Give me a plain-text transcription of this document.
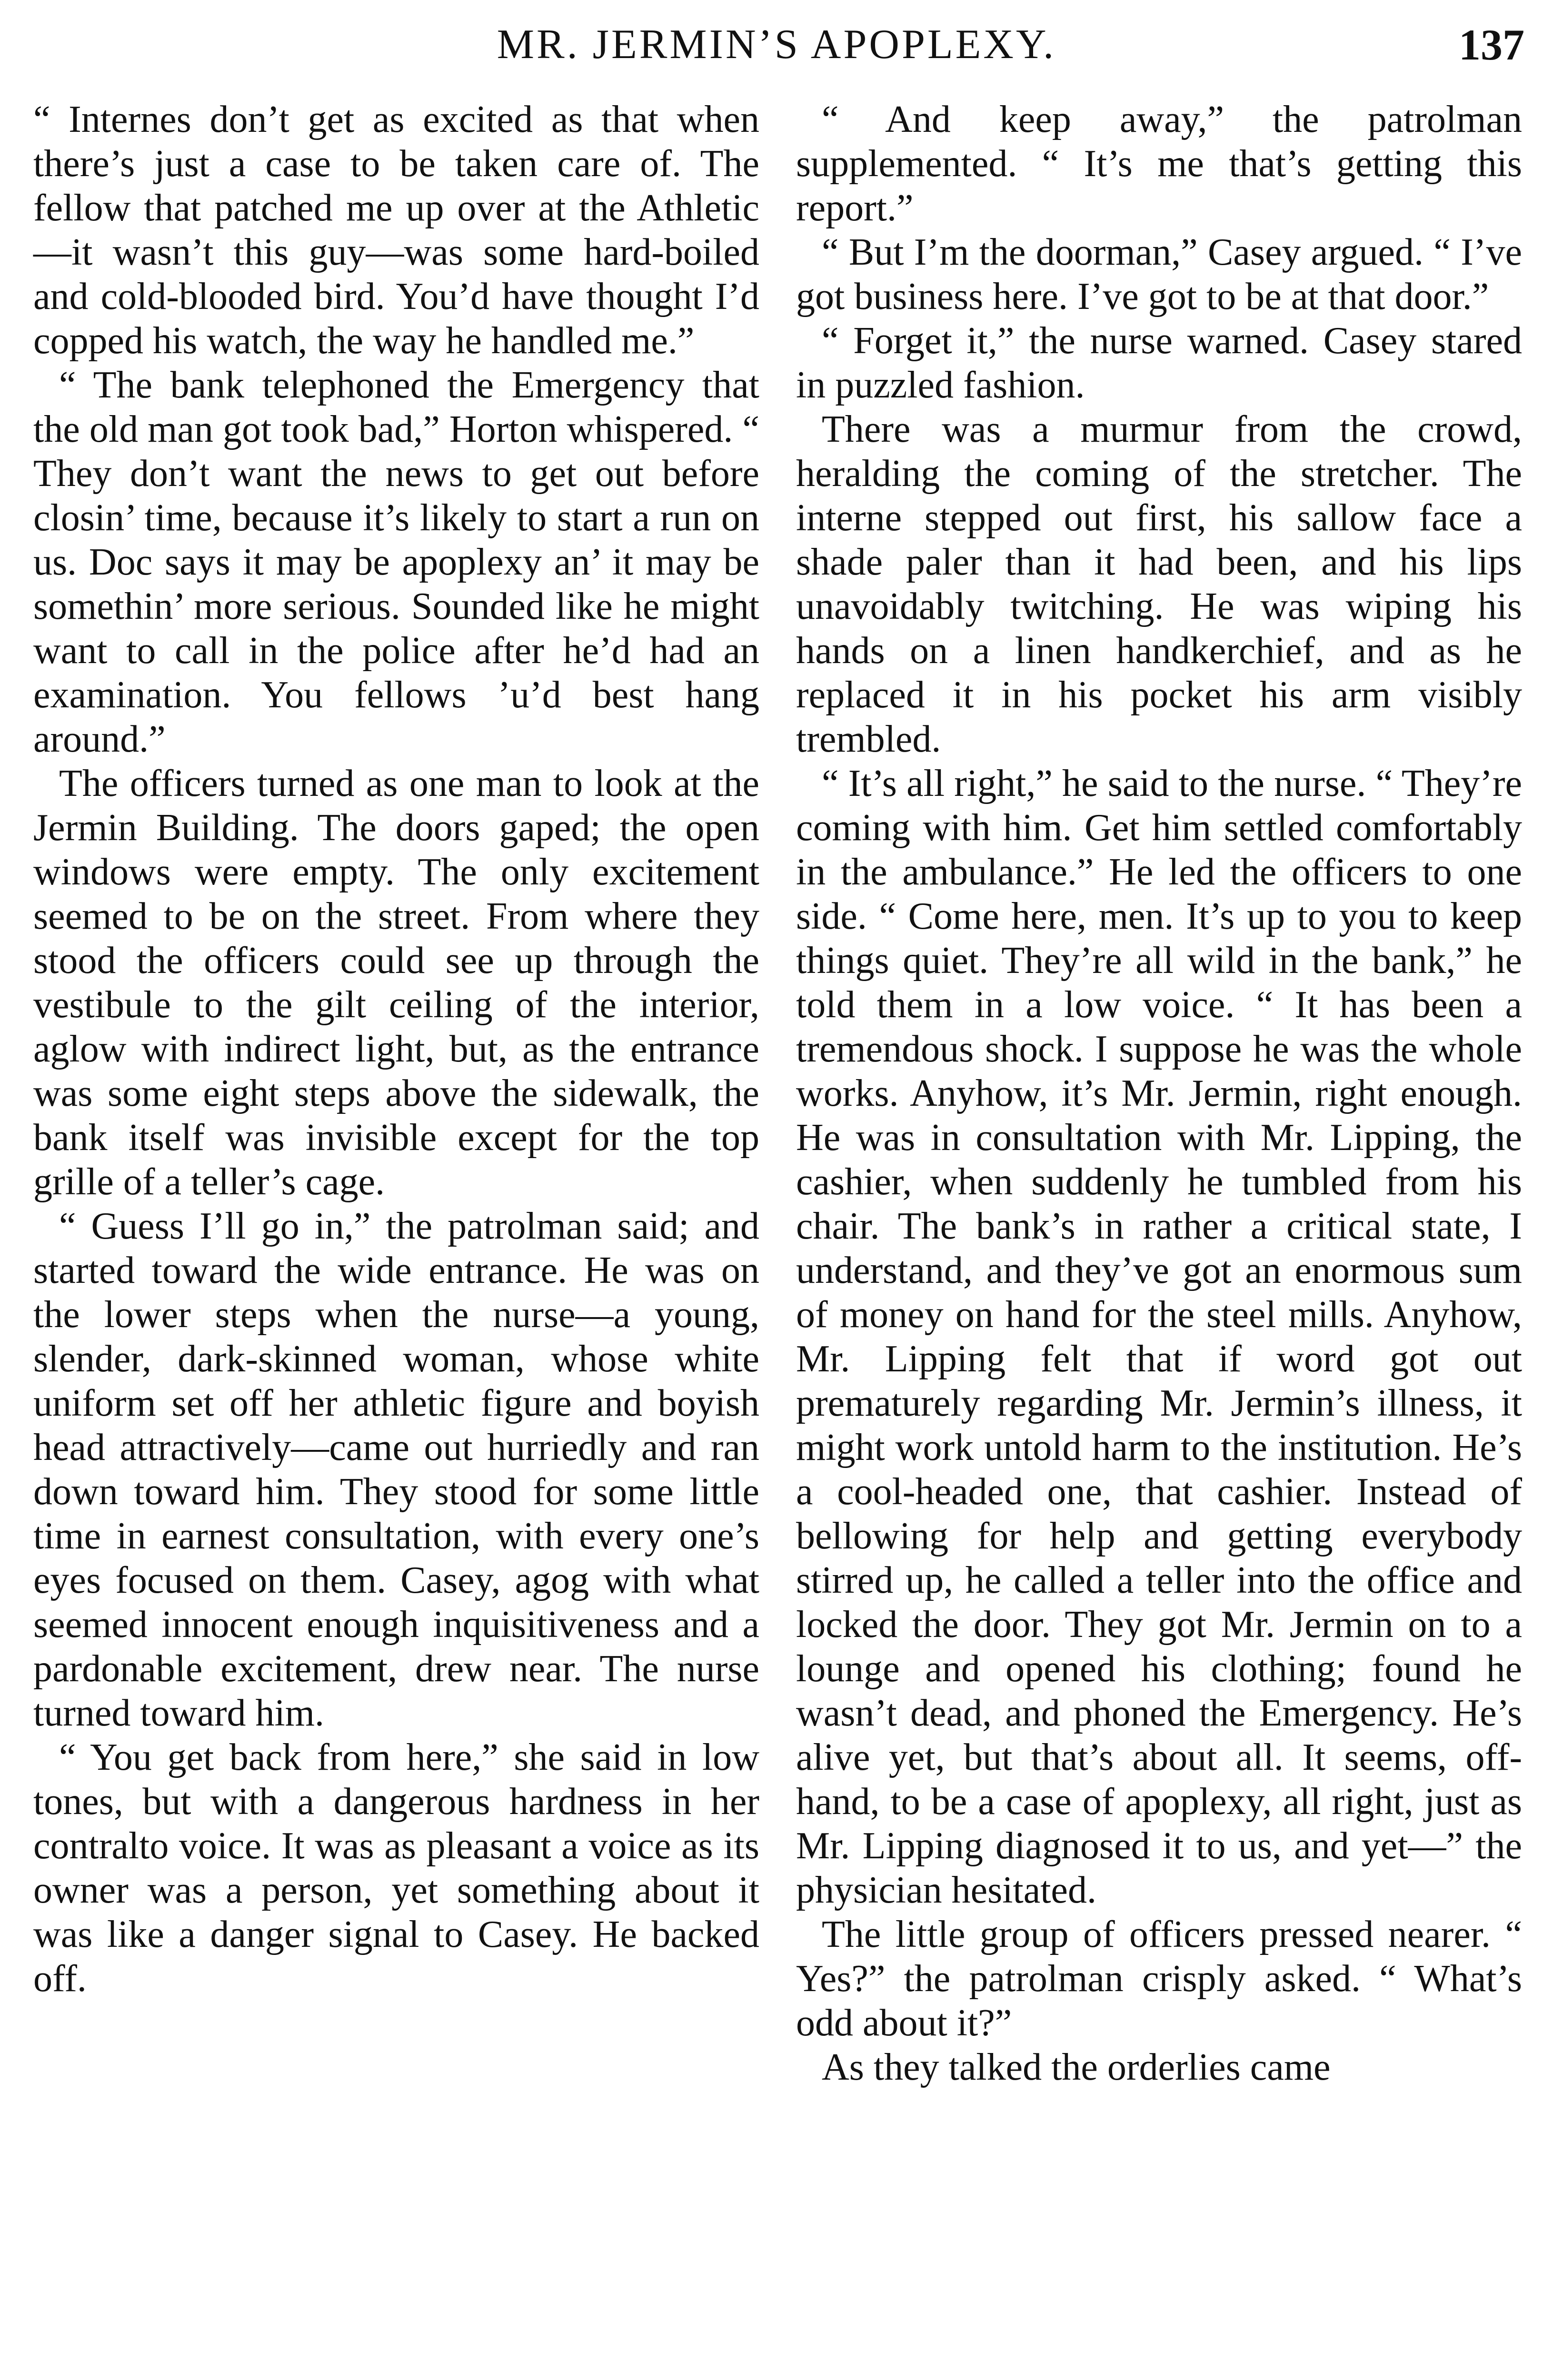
MR. JERMIN’S APOPLEXY.	137

“ Internes don’t get as excited as that when there’s just a case to be taken care of. The fellow that patched me up over at the Athletic—it wasn’t this guy—was some hard-boiled and cold-blooded bird. You’d have thought I’d copped his watch, the way he handled me.”

“ The bank telephoned the Emergency that the old man got took bad,” Horton whispered. “ They don’t want the news to get out before closin’ time, because it’s likely to start a run on us. Doc says it may be apoplexy an’ it may be somethin’ more serious. Sounded like he might want to call in the police after he’d had an examination. You fellows ’u’d best hang around.”

The officers turned as one man to look at the Jermin Building. The doors gaped; the open windows were empty. The only excitement seemed to be on the street. From where they stood the officers could see up through the vestibule to the gilt ceiling of the interior, aglow with indirect light, but, as the entrance was some eight steps above the sidewalk, the bank itself was invisible except for the top grille of a teller’s cage.

“ Guess I’ll go in,” the patrolman said; and started toward the wide entrance. He was on the lower steps when the nurse—a young, slender, dark-skinned woman, whose white uniform set off her athletic figure and boyish head attractively—came out hurriedly and ran down toward him. They stood for some little time in earnest consultation, with every one’s eyes focused on them. Casey, agog with what seemed innocent enough inquisitiveness and a pardonable excitement, drew near. The nurse turned toward him.

“ You get back from here,” she said in low tones, but with a dangerous hardness in her contralto voice. It was as pleasant a voice as its owner was a person, yet something about it was like a danger signal to Casey. He backed off.

“ And keep away,” the patrolman supplemented. “ It’s me that’s getting this report.”

“ But I’m the doorman,” Casey argued. “ I’ve got business here. I’ve got to be at that door.”

“ Forget it,” the nurse warned. Casey stared in puzzled fashion.

There was a murmur from the crowd, heralding the coming of the stretcher. The interne stepped out first, his sallow face a shade paler than it had been, and his lips unavoidably twitching. He was wiping his hands on a linen handkerchief, and as he replaced it in his pocket his arm visibly trembled.

“ It’s all right,” he said to the nurse. “ They’re coming with him. Get him settled comfortably in the ambulance.” He led the officers to one side. “ Come here, men. It’s up to you to keep things quiet. They’re all wild in the bank,” he told them in a low voice. “ It has been a tremendous shock. I suppose he was the whole works. Anyhow, it’s Mr. Jermin, right enough. He was in consultation with Mr. Lipping, the cashier, when suddenly he tumbled from his chair. The bank’s in rather a critical state, I understand, and they’ve got an enormous sum of money on hand for the steel mills. Anyhow, Mr. Lipping felt that if word got out prematurely regarding Mr. Jermin’s illness, it might work untold harm to the institution. He’s a cool-headed one, that cashier. Instead of bellowing for help and getting everybody stirred up, he called a teller into the office and locked the door. They got Mr. Jermin on to a lounge and opened his clothing; found he wasn’t dead, and phoned the Emergency. He’s alive yet, but that’s about all. It seems, off-hand, to be a case of apoplexy, all right, just as Mr. Lipping diagnosed it to us, and yet—” the physician hesitated.

The little group of officers pressed nearer. “ Yes?” the patrolman crisply asked. “ What’s odd about it?”

As they talked the orderlies came
